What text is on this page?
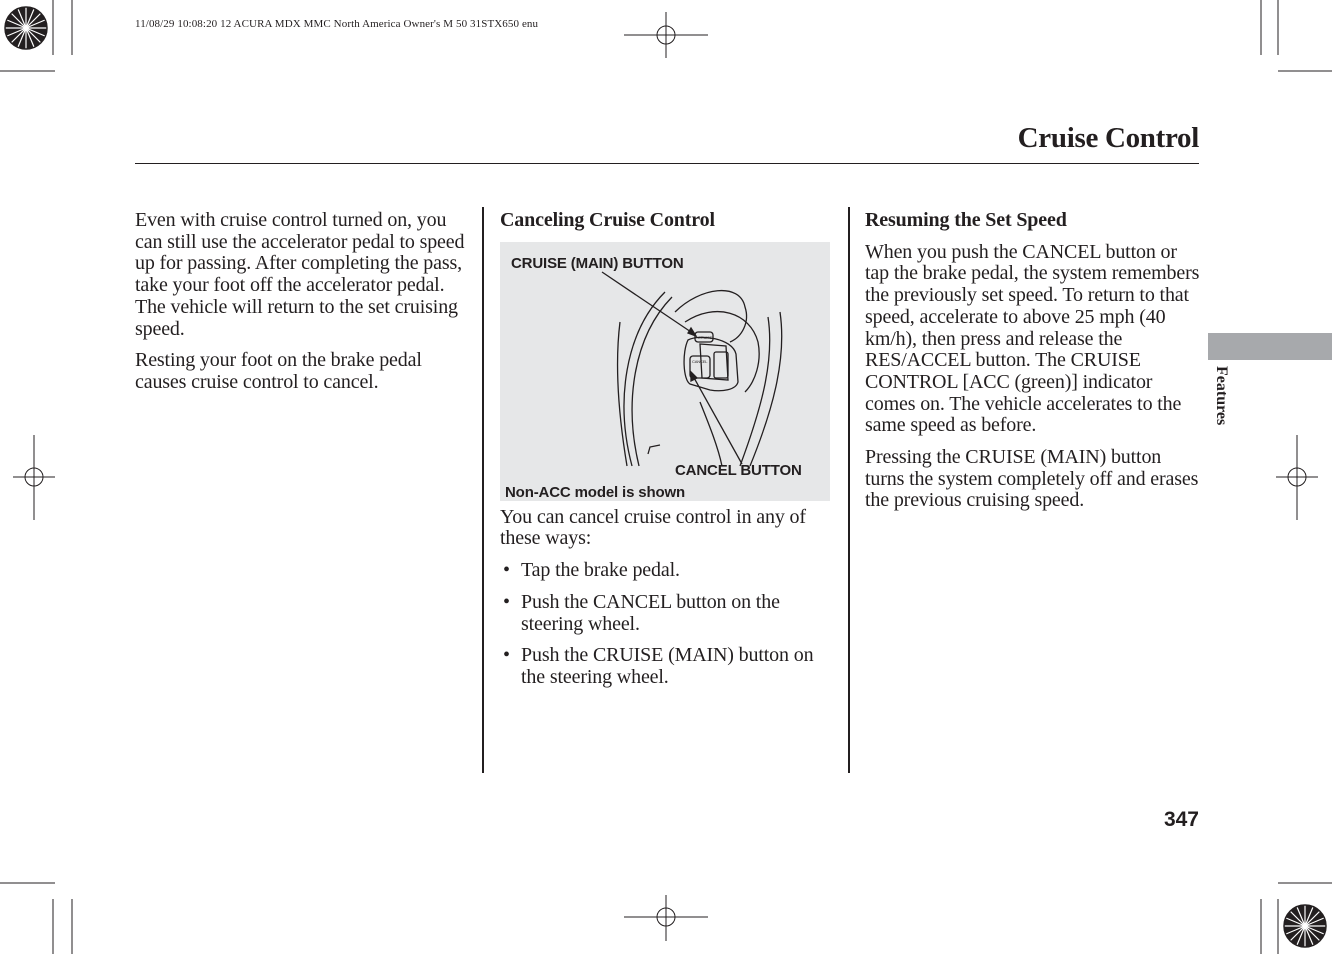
11/08/29 10:08:20 12 ACURA MDX MMC North America Owner's M 50 31STX650 enu
Cruise Control

Even with cruise control turned on, you can still use the accelerator pedal to speed up for passing. After completing the pass, take your foot off the accelerator pedal. The vehicle will return to the set cruising speed.

Resting your foot on the brake pedal causes cruise control to cancel.

Canceling Cruise Control

CRUISE
CANCEL
CRUISE (MAIN) BUTTON
CANCEL BUTTON
Non-ACC model is shown

You can cancel cruise control in any of these ways:

• Tap the brake pedal.
• Push the CANCEL button on the steering wheel.
• Push the CRUISE (MAIN) button on the steering wheel.

Resuming the Set Speed

When you push the CANCEL button or tap the brake pedal, the system remembers the previously set speed. To return to that speed, accelerate to above 25 mph (40 km/h), then press and release the RES/ACCEL button. The CRUISE CONTROL [ACC (green)] indicator comes on. The vehicle accelerates to the same speed as before.

Pressing the CRUISE (MAIN) button turns the system completely off and erases the previous cruising speed.

Features
347
